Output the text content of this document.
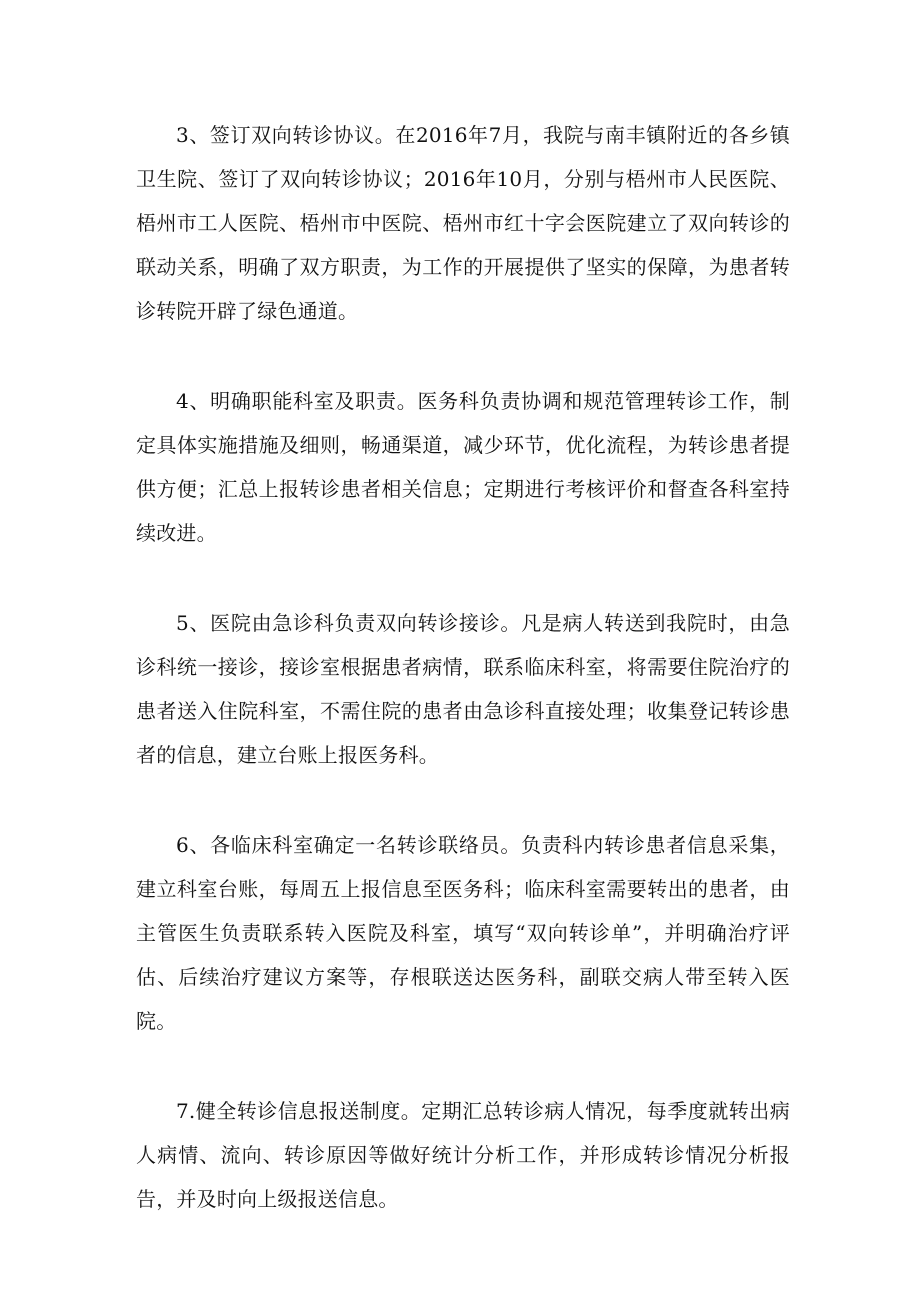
3、签订双向转诊协议。在2016年7月，我院与南丰镇附近的各乡镇卫生院、签订了双向转诊协议；2016年10月，分别与梧州市人民医院、梧州市工人医院、梧州市中医院、梧州市红十字会医院建立了双向转诊的联动关系，明确了双方职责，为工作的开展提供了坚实的保障，为患者转诊转院开辟了绿色通道。

4、明确职能科室及职责。医务科负责协调和规范管理转诊工作，制定具体实施措施及细则，畅通渠道，减少环节，优化流程，为转诊患者提供方便；汇总上报转诊患者相关信息；定期进行考核评价和督查各科室持续改进。

5、医院由急诊科负责双向转诊接诊。凡是病人转送到我院时，由急诊科统一接诊，接诊室根据患者病情，联系临床科室，将需要住院治疗的患者送入住院科室，不需住院的患者由急诊科直接处理；收集登记转诊患者的信息，建立台账上报医务科。

6、各临床科室确定一名转诊联络员。负责科内转诊患者信息采集，建立科室台账，每周五上报信息至医务科；临床科室需要转出的患者，由主管医生负责联系转入医院及科室，填写“双向转诊单”，并明确治疗评估、后续治疗建议方案等，存根联送达医务科，副联交病人带至转入医院。

7.健全转诊信息报送制度。定期汇总转诊病人情况，每季度就转出病人病情、流向、转诊原因等做好统计分析工作，并形成转诊情况分析报告，并及时向上级报送信息。
